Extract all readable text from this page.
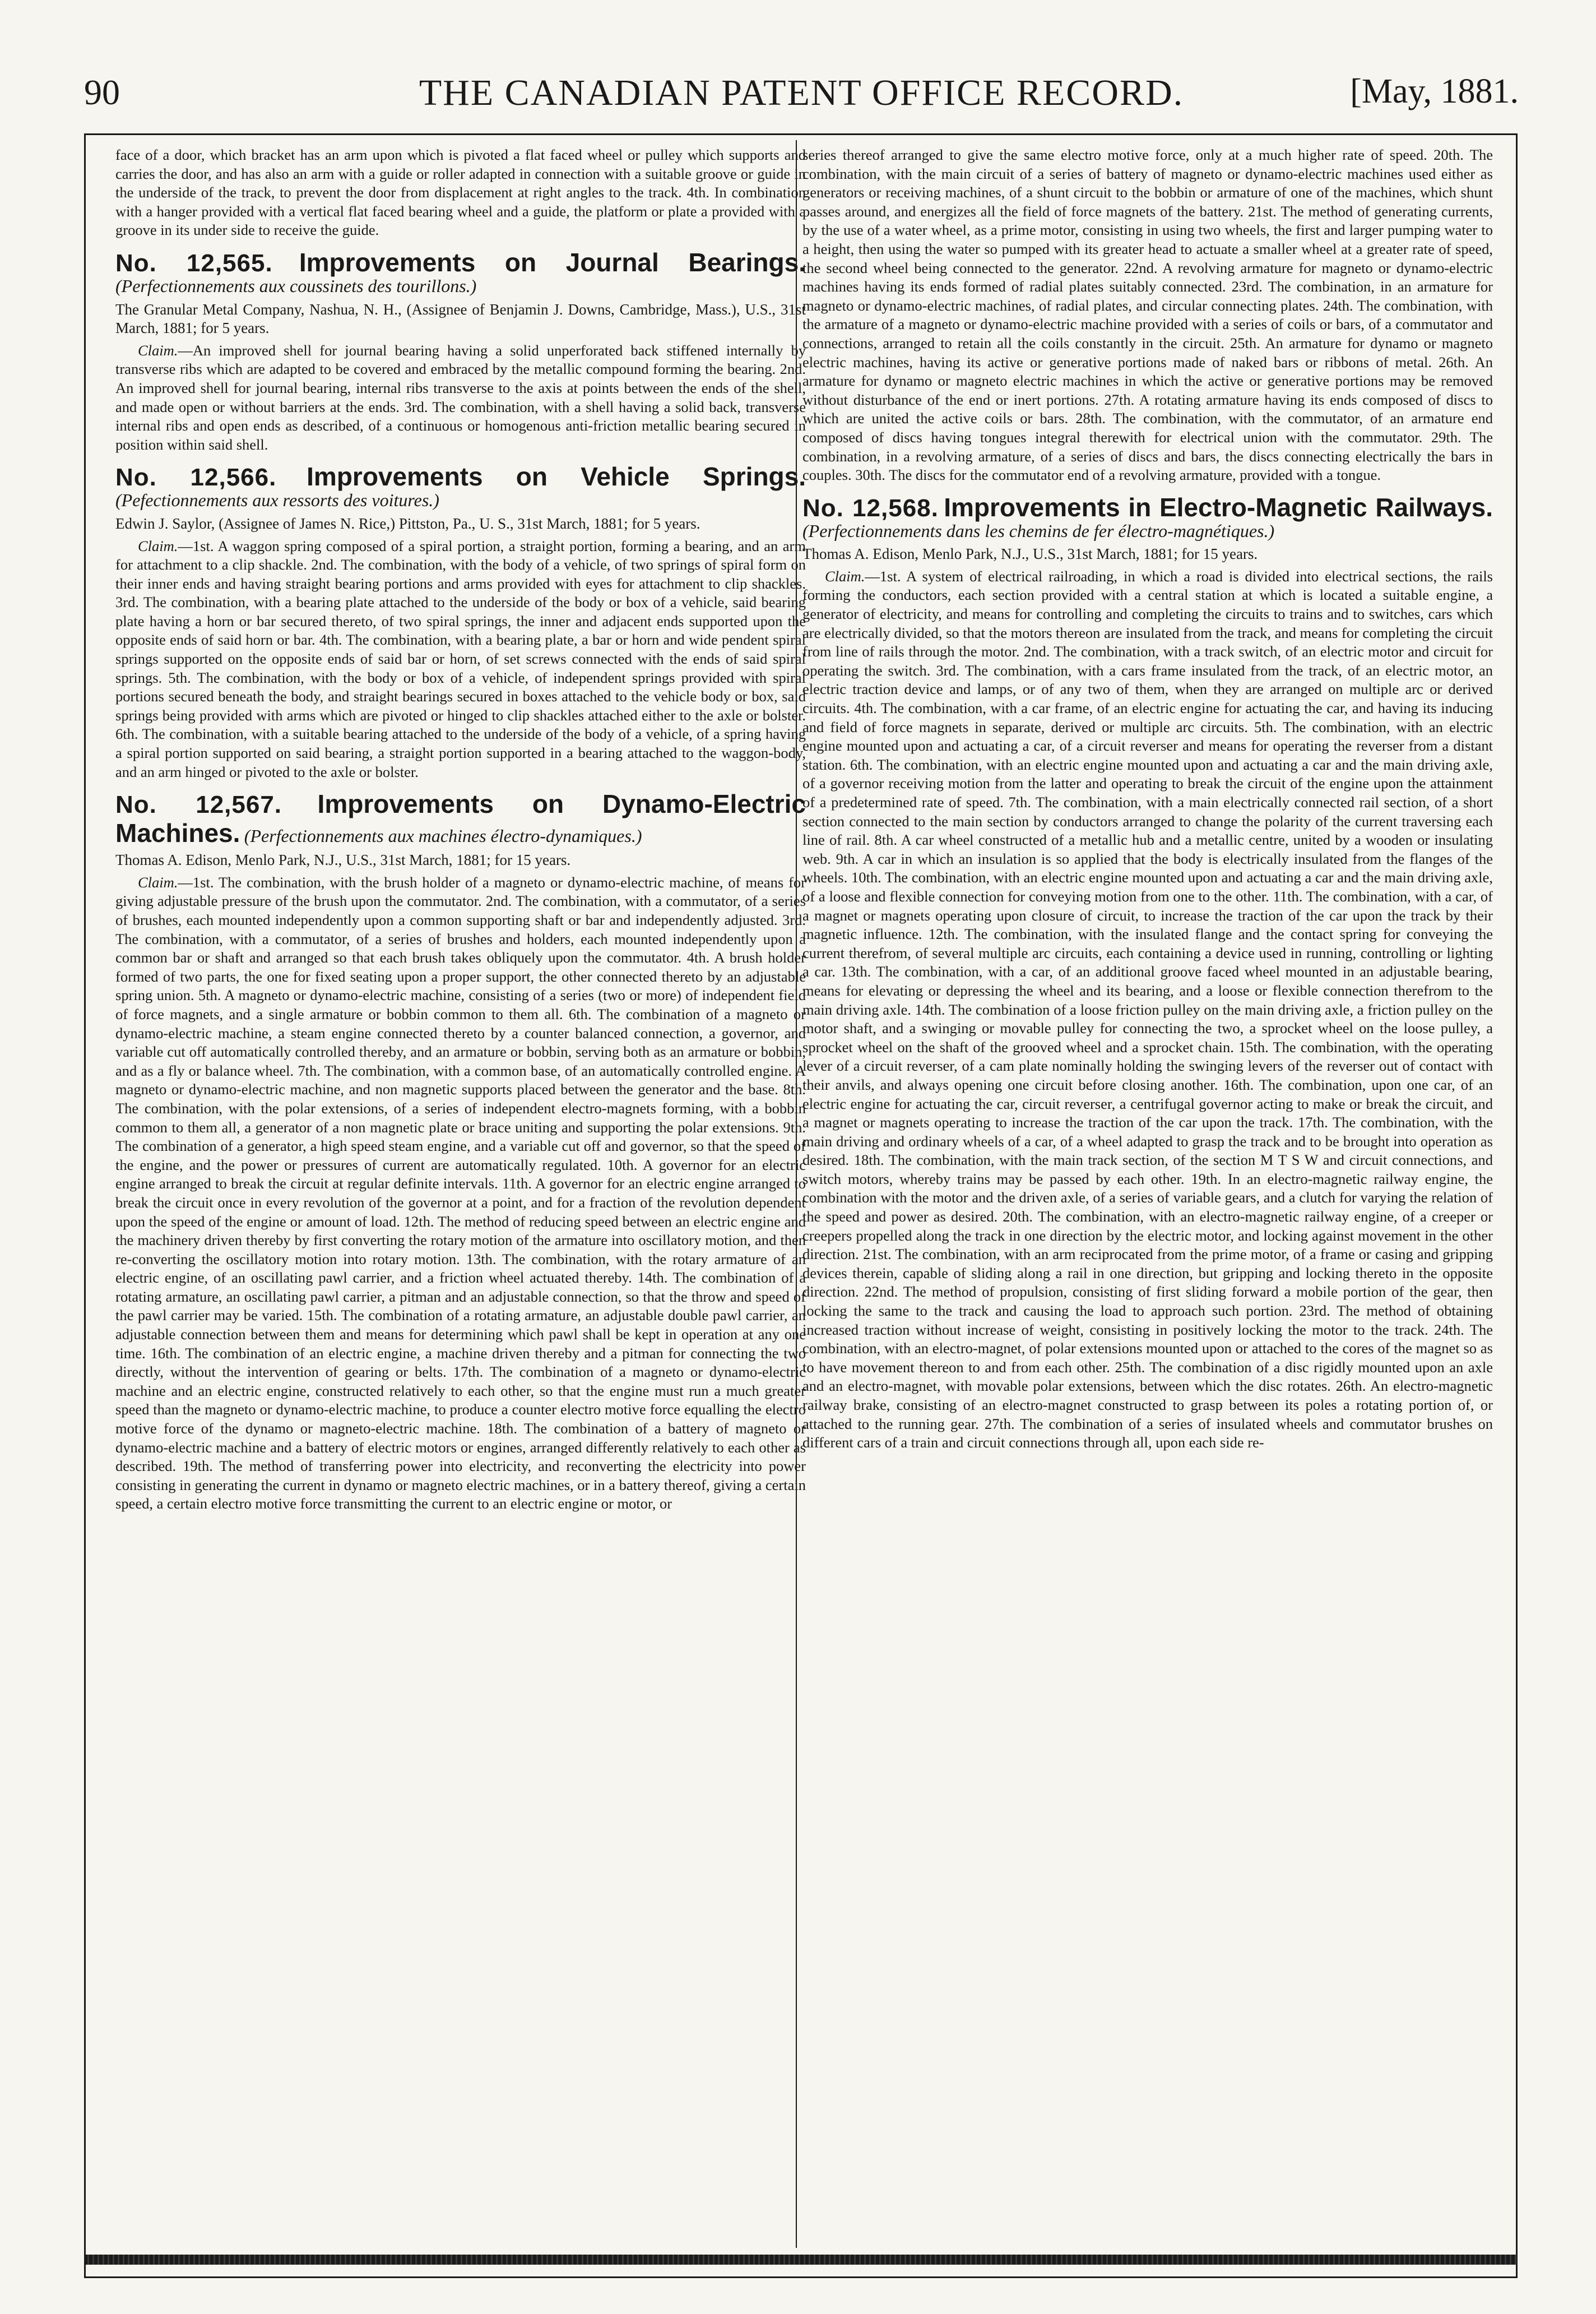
90	THE CANADIAN PATENT OFFICE RECORD.	[May, 1881.

face of a door, which bracket has an arm upon which is pivoted a flat faced wheel or pulley which supports and carries the door, and has also an arm with a guide or roller adapted in connection with a suitable groove or guide in the underside of the track, to prevent the door from displacement at right angles to the track. 4th. In combination with a hanger provided with a vertical flat faced bearing wheel and a guide, the platform or plate a provided with a groove in its under side to receive the guide.

No. 12,565. Improvements on Journal Bearings. (Perfectionnements aux coussinets des tourillons.)

The Granular Metal Company, Nashua, N. H., (Assignee of Benjamin J. Downs, Cambridge, Mass.), U.S., 31st March, 1881; for 5 years.

Claim.—An improved shell for journal bearing having a solid unperforated back stiffened internally by transverse ribs which are adapted to be covered and embraced by the metallic compound forming the bearing. 2nd. An improved shell for journal bearing, internal ribs transverse to the axis at points between the ends of the shell, and made open or without barriers at the ends. 3rd. The combination, with a shell having a solid back, transverse internal ribs and open ends as described, of a continuous or homogenous anti-friction metallic bearing secured in position within said shell.

No. 12,566. Improvements on Vehicle Springs. (Pefectionnements aux ressorts des voitures.)

Edwin J. Saylor, (Assignee of James N. Rice,) Pittston, Pa., U. S., 31st March, 1881; for 5 years.

Claim.—1st. A waggon spring composed of a spiral portion, a straight portion, forming a bearing, and an arm for attachment to a clip shackle. 2nd. The combination, with the body of a vehicle, of two springs of spiral form on their inner ends and having straight bearing portions and arms provided with eyes for attachment to clip shackles. 3rd. The combination, with a bearing plate attached to the underside of the body or box of a vehicle, said bearing plate having a horn or bar secured thereto, of two spiral springs, the inner and adjacent ends supported upon the opposite ends of said horn or bar. 4th. The combination, with a bearing plate, a bar or horn and wide pendent spiral springs supported on the opposite ends of said bar or horn, of set screws connected with the ends of said spiral springs. 5th. The combination, with the body or box of a vehicle, of independent springs provided with spiral portions secured beneath the body, and straight bearings secured in boxes attached to the vehicle body or box, said springs being provided with arms which are pivoted or hinged to clip shackles attached either to the axle or bolster. 6th. The combination, with a suitable bearing attached to the underside of the body of a vehicle, of a spring having a spiral portion supported on said bearing, a straight portion supported in a bearing attached to the waggon-body, and an arm hinged or pivoted to the axle or bolster.

No. 12,567. Improvements on Dynamo-Electric Machines. (Perfectionnements aux machines électro-dynamiques.)

Thomas A. Edison, Menlo Park, N.J., U.S., 31st March, 1881; for 15 years.

Claim.—1st. The combination, with the brush holder of a magneto or dynamo-electric machine, of means for giving adjustable pressure of the brush upon the commutator. 2nd. The combination, with a commutator, of a series of brushes, each mounted independently upon a common supporting shaft or bar and independently adjusted. 3rd. The combination, with a commutator, of a series of brushes and holders, each mounted independently upon a common bar or shaft and arranged so that each brush takes obliquely upon the commutator. 4th. A brush holder formed of two parts, the one for fixed seating upon a proper support, the other connected thereto by an adjustable spring union. 5th. A magneto or dynamo-electric machine, consisting of a series (two or more) of independent field of force magnets, and a single armature or bobbin common to them all. 6th. The combination of a magneto or dynamo-electric machine, a steam engine connected thereto by a counter balanced connection, a governor, and variable cut off automatically controlled thereby, and an armature or bobbin, serving both as an armature or bobbin, and as a fly or balance wheel. 7th. The combination, with a common base, of an automatically controlled engine. A magneto or dynamo-electric machine, and non magnetic supports placed between the generator and the base. 8th. The combination, with the polar extensions, of a series of independent electro-magnets forming, with a bobbin common to them all, a generator of a non magnetic plate or brace uniting and supporting the polar extensions. 9th. The combination of a generator, a high speed steam engine, and a variable cut off and governor, so that the speed of the engine, and the power or pressures of current are automatically regulated. 10th. A governor for an electric engine arranged to break the circuit at regular definite intervals. 11th. A governor for an electric engine arranged to break the circuit once in every revolution of the governor at a point, and for a fraction of the revolution dependent upon the speed of the engine or amount of load. 12th. The method of reducing speed between an electric engine and the machinery driven thereby by first converting the rotary motion of the armature into oscillatory motion, and then re-converting the oscillatory motion into rotary motion. 13th. The combination, with the rotary armature of an electric engine, of an oscillating pawl carrier, and a friction wheel actuated thereby. 14th. The combination of a rotating armature, an oscillating pawl carrier, a pitman and an adjustable connection, so that the throw and speed of the pawl carrier may be varied. 15th. The combination of a rotating armature, an adjustable double pawl carrier, an adjustable connection between them and means for determining which pawl shall be kept in operation at any one time. 16th. The combination of an electric engine, a machine driven thereby and a pitman for connecting the two directly, without the intervention of gearing or belts. 17th. The combination of a magneto or dynamo-electric machine and an electric engine, constructed relatively to each other, so that the engine must run a much greater speed than the magneto or dynamo-electric machine, to produce a counter electro motive force equalling the electro motive force of the dynamo or magneto-electric machine. 18th. The combination of a battery of magneto or dynamo-electric machine and a battery of electric motors or engines, arranged differently relatively to each other as described. 19th. The method of transferring power into electricity, and reconverting the electricity into power consisting in generating the current in dynamo or magneto electric machines, or in a battery thereof, giving a certain speed, a certain electro motive force transmitting the current to an electric engine or motor, or

series thereof arranged to give the same electro motive force, only at a much higher rate of speed. 20th. The combination, with the main circuit of a series of battery of magneto or dynamo-electric machines used either as generators or receiving machines, of a shunt circuit to the bobbin or armature of one of the machines, which shunt passes around, and energizes all the field of force magnets of the battery. 21st. The method of generating currents, by the use of a water wheel, as a prime motor, consisting in using two wheels, the first and larger pumping water to a height, then using the water so pumped with its greater head to actuate a smaller wheel at a greater rate of speed, the second wheel being connected to the generator. 22nd. A revolving armature for magneto or dynamo-electric machines having its ends formed of radial plates suitably connected. 23rd. The combination, in an armature for magneto or dynamo-electric machines, of radial plates, and circular connecting plates. 24th. The combination, with the armature of a magneto or dynamo-electric machine provided with a series of coils or bars, of a commutator and connections, arranged to retain all the coils constantly in the circuit. 25th. An armature for dynamo or magneto electric machines, having its active or generative portions made of naked bars or ribbons of metal. 26th. An armature for dynamo or magneto electric machines in which the active or generative portions may be removed without disturbance of the end or inert portions. 27th. A rotating armature having its ends composed of discs to which are united the active coils or bars. 28th. The combination, with the commutator, of an armature end composed of discs having tongues integral therewith for electrical union with the commutator. 29th. The combination, in a revolving armature, of a series of discs and bars, the discs connecting electrically the bars in couples. 30th. The discs for the commutator end of a revolving armature, provided with a tongue.

No. 12,568. Improvements in Electro-Magnetic Railways. (Perfectionnements dans les chemins de fer électro-magnétiques.)

Thomas A. Edison, Menlo Park, N.J., U.S., 31st March, 1881; for 15 years.

Claim.—1st. A system of electrical railroading, in which a road is divided into electrical sections, the rails forming the conductors, each section provided with a central station at which is located a suitable engine, a generator of electricity, and means for controlling and completing the circuits to trains and to switches, cars which are electrically divided, so that the motors thereon are insulated from the track, and means for completing the circuit from line of rails through the motor. 2nd. The combination, with a track switch, of an electric motor and circuit for operating the switch. 3rd. The combination, with a cars frame insulated from the track, of an electric motor, an electric traction device and lamps, or of any two of them, when they are arranged on multiple arc or derived circuits. 4th. The combination, with a car frame, of an electric engine for actuating the car, and having its inducing and field of force magnets in separate, derived or multiple arc circuits. 5th. The combination, with an electric engine mounted upon and actuating a car, of a circuit reverser and means for operating the reverser from a distant station. 6th. The combination, with an electric engine mounted upon and actuating a car and the main driving axle, of a governor receiving motion from the latter and operating to break the circuit of the engine upon the attainment of a predetermined rate of speed. 7th. The combination, with a main electrically connected rail section, of a short section connected to the main section by conductors arranged to change the polarity of the current traversing each line of rail. 8th. A car wheel constructed of a metallic hub and a metallic centre, united by a wooden or insulating web. 9th. A car in which an insulation is so applied that the body is electrically insulated from the flanges of the wheels. 10th. The combination, with an electric engine mounted upon and actuating a car and the main driving axle, of a loose and flexible connection for conveying motion from one to the other. 11th. The combination, with a car, of a magnet or magnets operating upon closure of circuit, to increase the traction of the car upon the track by their magnetic influence. 12th. The combination, with the insulated flange and the contact spring for conveying the current therefrom, of several multiple arc circuits, each containing a device used in running, controlling or lighting a car. 13th. The combination, with a car, of an additional groove faced wheel mounted in an adjustable bearing, means for elevating or depressing the wheel and its bearing, and a loose or flexible connection therefrom to the main driving axle. 14th. The combination of a loose friction pulley on the main driving axle, a friction pulley on the motor shaft, and a swinging or movable pulley for connecting the two, a sprocket wheel on the loose pulley, a sprocket wheel on the shaft of the grooved wheel and a sprocket chain. 15th. The combination, with the operating lever of a circuit reverser, of a cam plate nominally holding the swinging levers of the reverser out of contact with their anvils, and always opening one circuit before closing another. 16th. The combination, upon one car, of an electric engine for actuating the car, circuit reverser, a centrifugal governor acting to make or break the circuit, and a magnet or magnets operating to increase the traction of the car upon the track. 17th. The combination, with the main driving and ordinary wheels of a car, of a wheel adapted to grasp the track and to be brought into operation as desired. 18th. The combination, with the main track section, of the section M T S W and circuit connections, and switch motors, whereby trains may be passed by each other. 19th. In an electro-magnetic railway engine, the combination with the motor and the driven axle, of a series of variable gears, and a clutch for varying the relation of the speed and power as desired. 20th. The combination, with an electro-magnetic railway engine, of a creeper or creepers propelled along the track in one direction by the electric motor, and locking against movement in the other direction. 21st. The combination, with an arm reciprocated from the prime motor, of a frame or casing and gripping devices therein, capable of sliding along a rail in one direction, but gripping and locking thereto in the opposite direction. 22nd. The method of propulsion, consisting of first sliding forward a mobile portion of the gear, then locking the same to the track and causing the load to approach such portion. 23rd. The method of obtaining increased traction without increase of weight, consisting in positively locking the motor to the track. 24th. The combination, with an electro-magnet, of polar extensions mounted upon or attached to the cores of the magnet so as to have movement thereon to and from each other. 25th. The combination of a disc rigidly mounted upon an axle and an electro-magnet, with movable polar extensions, between which the disc rotates. 26th. An electro-magnetic railway brake, consisting of an electro-magnet constructed to grasp between its poles a rotating portion of, or attached to the running gear. 27th. The combination of a series of insulated wheels and commutator brushes on different cars of a train and circuit connections through all, upon each side re-
